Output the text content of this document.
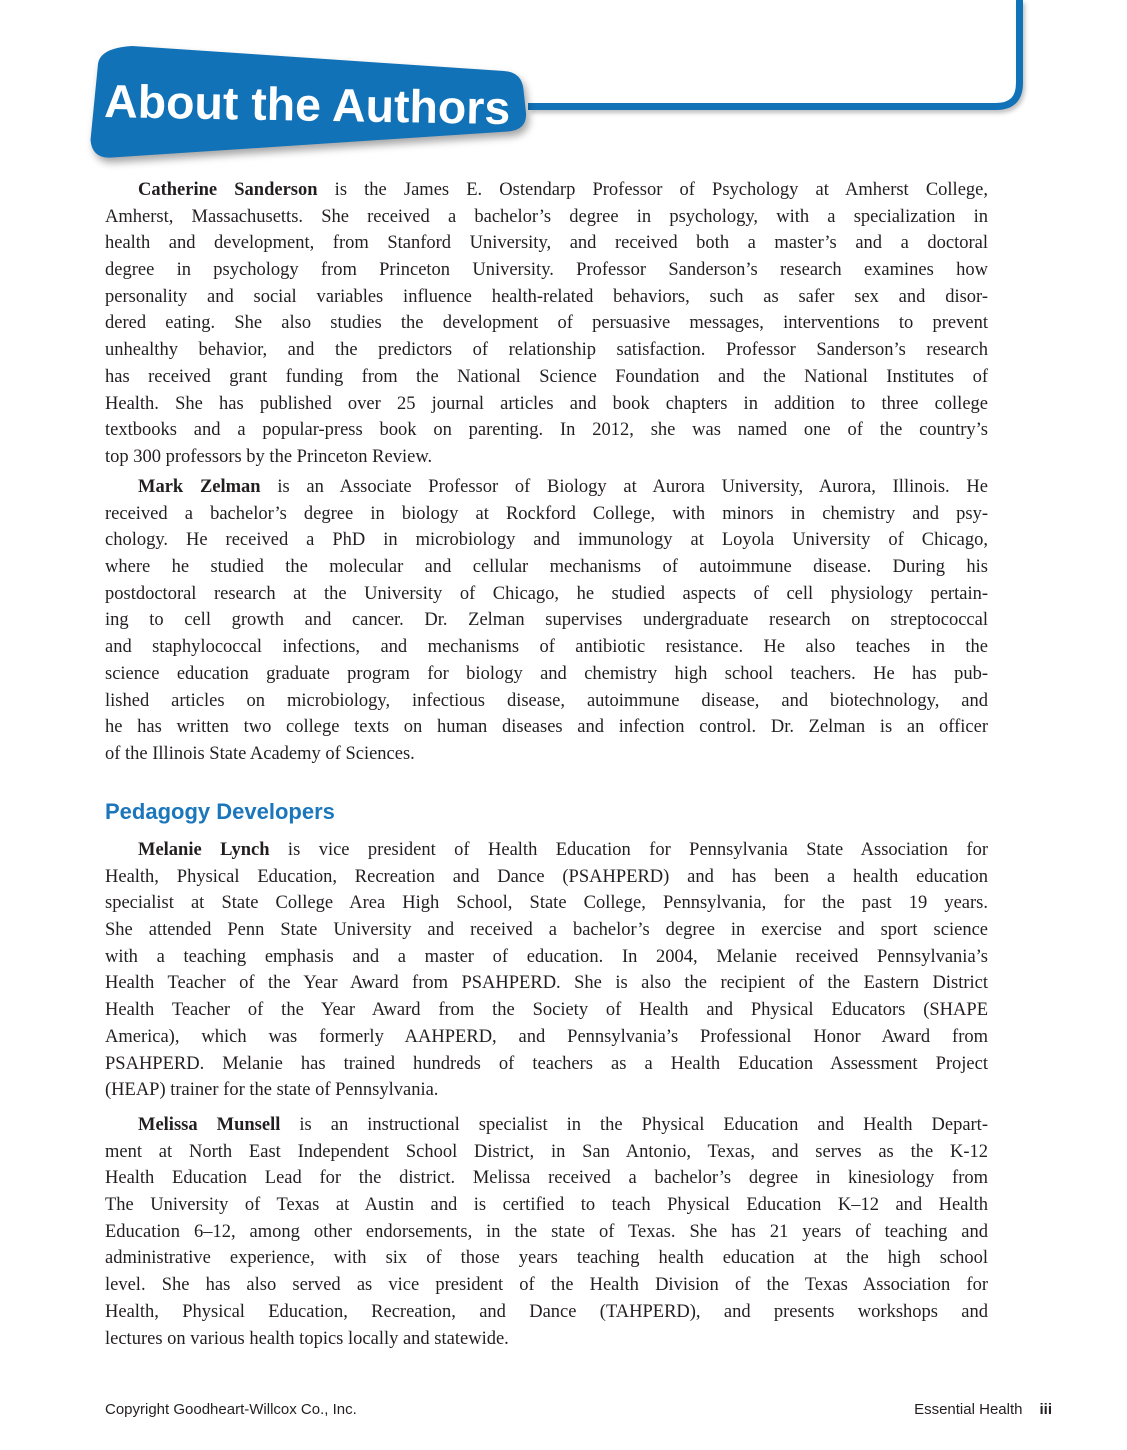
About the Authors
Catherine Sanderson is the James E. Ostendarp Professor of Psychology at Amherst College,
Amherst, Massachusetts. She received a bachelor’s degree in psychology, with a specialization in
health and development, from Stanford University, and received both a master’s and a doctoral
degree in psychology from Princeton University. Professor Sanderson’s research examines how
personality and social variables influence health-related behaviors, such as safer sex and disor-
dered eating. She also studies the development of persuasive messages, interventions to prevent
unhealthy behavior, and the predictors of relationship satisfaction. Professor Sanderson’s research
has received grant funding from the National Science Foundation and the National Institutes of
Health. She has published over 25 journal articles and book chapters in addition to three college
textbooks and a popular-press book on parenting. In 2012, she was named one of the country’s
top 300 professors by the Princeton Review.
Mark Zelman is an Associate Professor of Biology at Aurora University, Aurora, Illinois. He
received a bachelor’s degree in biology at Rockford College, with minors in chemistry and psy-
chology. He received a PhD in microbiology and immunology at Loyola University of Chicago,
where he studied the molecular and cellular mechanisms of autoimmune disease. During his
postdoctoral research at the University of Chicago, he studied aspects of cell physiology pertain-
ing to cell growth and cancer. Dr. Zelman supervises undergraduate research on streptococcal
and staphylococcal infections, and mechanisms of antibiotic resistance. He also teaches in the
science education graduate program for biology and chemistry high school teachers. He has pub-
lished articles on microbiology, infectious disease, autoimmune disease, and biotechnology, and
he has written two college texts on human diseases and infection control. Dr. Zelman is an officer
of the Illinois State Academy of Sciences.
Pedagogy Developers
Melanie Lynch is vice president of Health Education for Pennsylvania State Association for
Health, Physical Education, Recreation and Dance (PSAHPERD) and has been a health education
specialist at State College Area High School, State College, Pennsylvania, for the past 19 years.
She attended Penn State University and received a bachelor’s degree in exercise and sport science
with a teaching emphasis and a master of education. In 2004, Melanie received Pennsylvania’s
Health Teacher of the Year Award from PSAHPERD. She is also the recipient of the Eastern District
Health Teacher of the Year Award from the Society of Health and Physical Educators (SHAPE
America), which was formerly AAHPERD, and Pennsylvania’s Professional Honor Award from
PSAHPERD. Melanie has trained hundreds of teachers as a Health Education Assessment Project
(HEAP) trainer for the state of Pennsylvania.
Melissa Munsell is an instructional specialist in the Physical Education and Health Depart-
ment at North East Independent School District, in San Antonio, Texas, and serves as the K-12
Health Education Lead for the district. Melissa received a bachelor’s degree in kinesiology from
The University of Texas at Austin and is certified to teach Physical Education K–12 and Health
Education 6–12, among other endorsements, in the state of Texas. She has 21 years of teaching and
administrative experience, with six of those years teaching health education at the high school
level. She has also served as vice president of the Health Division of the Texas Association for
Health, Physical Education, Recreation, and Dance (TAHPERD), and presents workshops and
lectures on various health topics locally and statewide.
Copyright Goodheart-Willcox Co., Inc.	Essential Health iii
